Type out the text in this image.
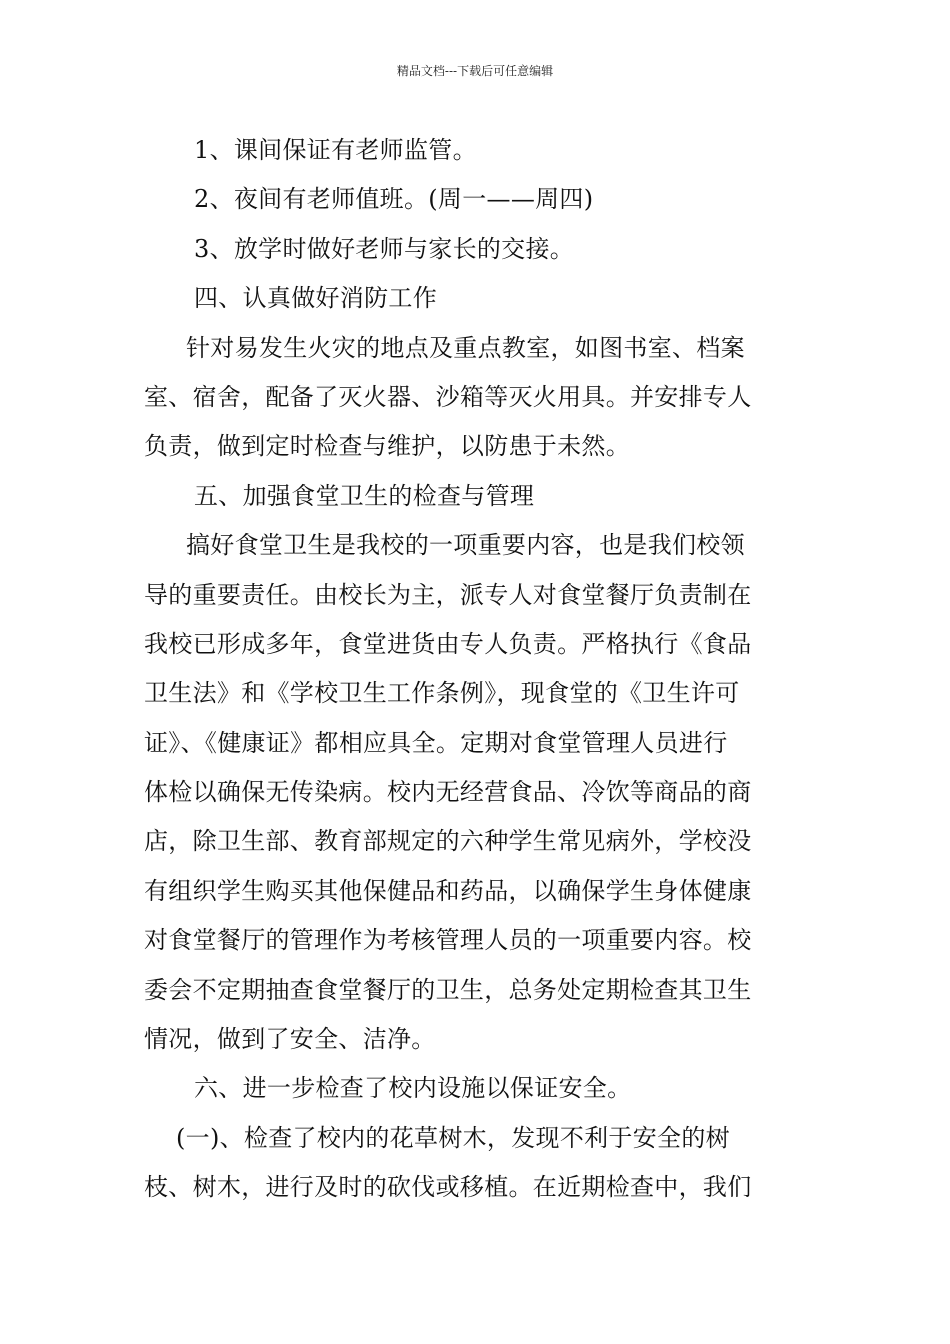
精品文档---下载后可任意编辑
1、课间保证有老师监管。
2、夜间有老师值班。(周一——周四)
3、放学时做好老师与家长的交接。
四、认真做好消防工作
针对易发生火灾的地点及重点教室，如图书室、档案
室、宿舍，配备了灭火器、沙箱等灭火用具。并安排专人
负责，做到定时检查与维护，以防患于未然。
五、加强食堂卫生的检查与管理
搞好食堂卫生是我校的一项重要内容，也是我们校领
导的重要责任。由校长为主，派专人对食堂餐厅负责制在
我校已形成多年，食堂进货由专人负责。严格执行《食品
卫生法》和《学校卫生工作条例》，现食堂的《卫生许可
证》、《健康证》都相应具全。定期对食堂管理人员进行
体检以确保无传染病。校内无经营食品、冷饮等商品的商
店，除卫生部、教育部规定的六种学生常见病外，学校没
有组织学生购买其他保健品和药品，以确保学生身体健康
对食堂餐厅的管理作为考核管理人员的一项重要内容。校
委会不定期抽查食堂餐厅的卫生，总务处定期检查其卫生
情况，做到了安全、洁净。
六、进一步检查了校内设施以保证安全。
(一)、检查了校内的花草树木，发现不利于安全的树
枝、树木，进行及时的砍伐或移植。在近期检查中，我们
